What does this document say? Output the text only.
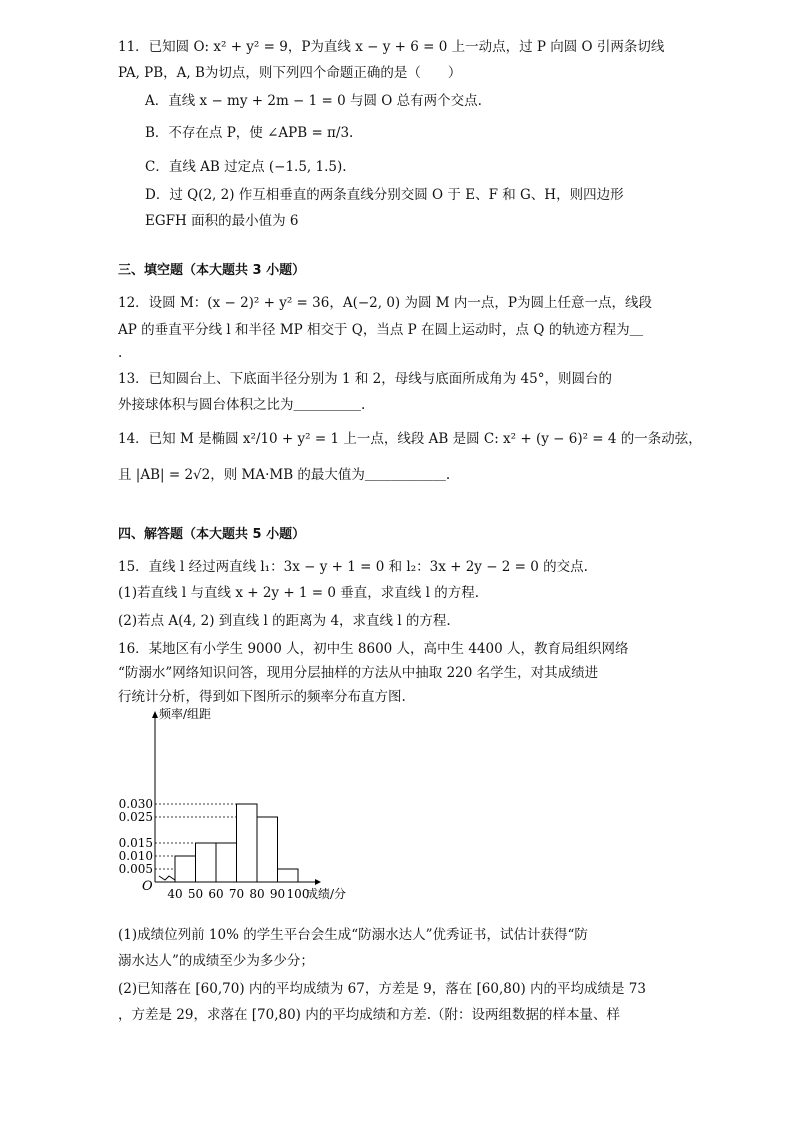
11．已知圆 O: x² + y² = 9，P为直线 x − y + 6 = 0 上一动点，过 P 向圆 O 引两条切线
PA, PB，A, B为切点，则下列四个命题正确的是（　　）
A．直线 x − my + 2m − 1 = 0 与圆 O 总有两个交点.
B．不存在点 P，使 ∠APB = π/3.
C．直线 AB 过定点 (−1.5, 1.5).
D．过 Q(2, 2) 作互相垂直的两条直线分别交圆 O 于 E、F 和 G、H，则四边形
EGFH 面积的最小值为 6
三、填空题（本大题共 3 小题）
12．设圆 M：(x − 2)² + y² = 36，A(−2, 0) 为圆 M 内一点，P为圆上任意一点，线段
AP 的垂直平分线 l 和半径 MP 相交于 Q，当点 P 在圆上运动时，点 Q 的轨迹方程为＿
.
13．已知圆台上、下底面半径分别为 1 和 2，母线与底面所成角为 45°，则圆台的
外接球体积与圆台体积之比为＿＿＿＿＿.
14．已知 M 是椭圆 x²/10 + y² = 1 上一点，线段 AB 是圆 C: x² + (y − 6)² = 4 的一条动弦，
且 |AB| = 2√2，则 MA·MB 的最大值为＿＿＿＿＿＿.
四、解答题（本大题共 5 小题）
15．直线 l 经过两直线 l₁：3x − y + 1 = 0 和 l₂：3x + 2y − 2 = 0 的交点.
(1)若直线 l 与直线 x + 2y + 1 = 0 垂直，求直线 l 的方程.
(2)若点 A(4, 2) 到直线 l 的距离为 4，求直线 l 的方程.
16．某地区有小学生 9000 人，初中生 8600 人，高中生 4400 人，教育局组织网络
“防溺水”网络知识问答，现用分层抽样的方法从中抽取 220 名学生，对其成绩进
行统计分析，得到如下图所示的频率分布直方图.
0.005
0.010
0.015
0.025
0.030
40 50 60 70 80 90 100
频率/组距
成绩/分
O
(1)成绩位列前 10% 的学生平台会生成“防溺水达人”优秀证书，试估计获得“防
溺水达人”的成绩至少为多少分；
(2)已知落在 [60,70) 内的平均成绩为 67，方差是 9，落在 [60,80) 内的平均成绩是 73
，方差是 29，求落在 [70,80) 内的平均成绩和方差.（附：设两组数据的样本量、样
